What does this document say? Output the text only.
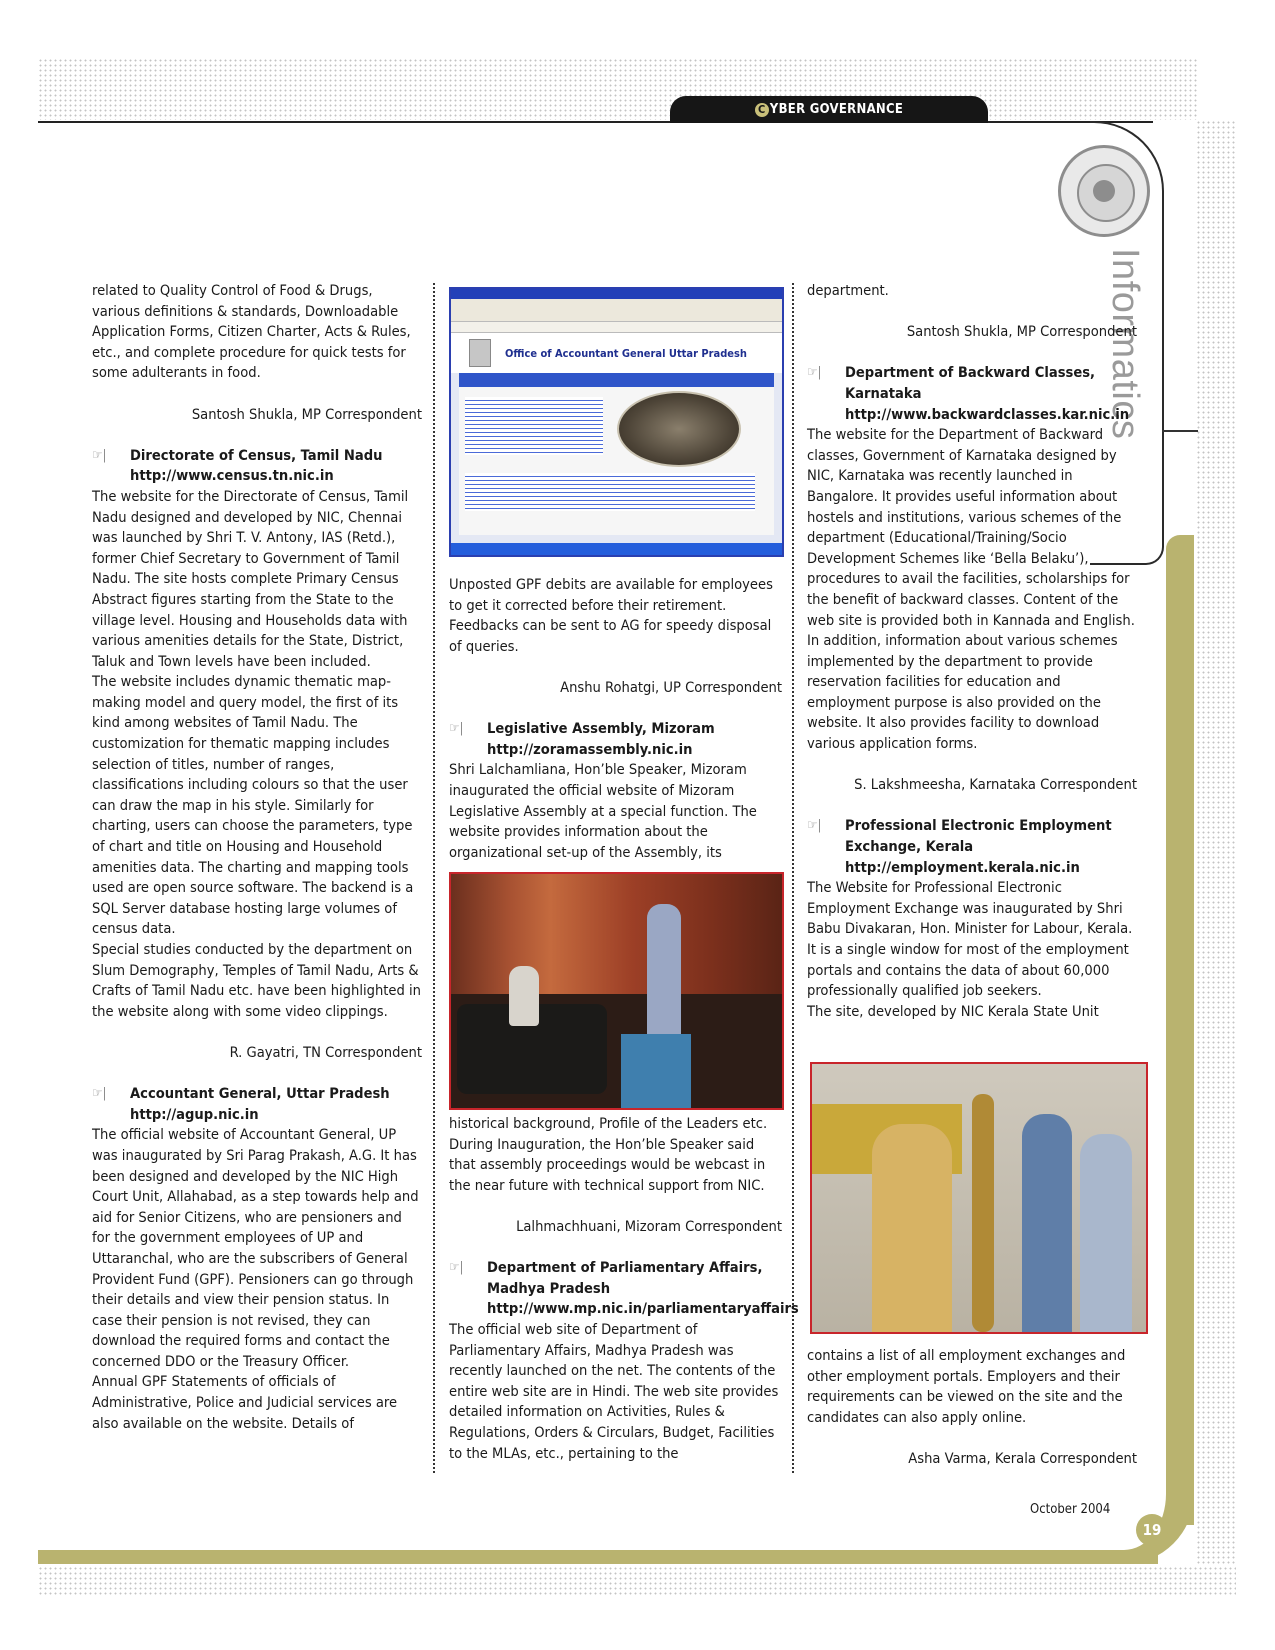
C YBER GOVERNANCE
Informatics

related to Quality Control of Food & Drugs, various definitions & standards, Downloadable Application Forms, Citizen Charter, Acts & Rules, etc., and complete procedure for quick tests for some adulterants in food.

Santosh Shukla, MP Correspondent

☞|	Directorate of Census, Tamil Nadu
http://www.census.tn.nic.in

The website for the Directorate of Census, Tamil Nadu designed and developed by NIC, Chennai was launched by Shri T. V. Antony, IAS (Retd.), former Chief Secretary to Government of Tamil Nadu. The site hosts complete Primary Census Abstract figures starting from the State to the village level. Housing and Households data with various amenities details for the State, District, Taluk and Town levels have been included.

The website includes dynamic thematic map-making model and query model, the first of its kind among websites of Tamil Nadu. The customization for thematic mapping includes selection of titles, number of ranges, classifications including colours so that the user can draw the map in his style. Similarly for charting, users can choose the parameters, type of chart and title on Housing and Household amenities data. The charting and mapping tools used are open source software. The backend is a SQL Server database hosting large volumes of census data.

Special studies conducted by the department on Slum Demography, Temples of Tamil Nadu, Arts & Crafts of Tamil Nadu etc. have been highlighted in the website along with some video clippings.

R. Gayatri, TN Correspondent

☞|	Accountant General, Uttar Pradesh
http://agup.nic.in

The official website of Accountant General, UP was inaugurated by Sri Parag Prakash, A.G. It has been designed and developed by the NIC High Court Unit, Allahabad, as a step towards help and aid for Senior Citizens, who are pensioners and for the government employees of UP and Uttaranchal, who are the subscribers of General Provident Fund (GPF). Pensioners can go through their details and view their pension status. In case their pension is not revised, they can download the required forms and contact the concerned DDO or the Treasury Officer.

Annual GPF Statements of officials of Administrative, Police and Judicial services are also available on the website. Details of

Office of Accountant General Uttar Pradesh

Unposted GPF debits are available for employees to get it corrected before their retirement. Feedbacks can be sent to AG for speedy disposal of queries.

Anshu Rohatgi, UP Correspondent

☞|	Legislative Assembly, Mizoram
http://zoramassembly.nic.in

Shri Lalchamliana, Hon’ble Speaker, Mizoram inaugurated the official website of Mizoram Legislative Assembly at a special function. The website provides information about the organizational set-up of the Assembly, its

historical background, Profile of the Leaders etc. During Inauguration, the Hon’ble Speaker said that assembly proceedings would be webcast in the near future with technical support from NIC.

Lalhmachhuani, Mizoram Correspondent

☞|	Department of Parliamentary Affairs,
Madhya Pradesh
http://www.mp.nic.in/parliamentaryaffairs

The official web site of Department of Parliamentary Affairs, Madhya Pradesh was recently launched on the net. The contents of the entire web site are in Hindi. The web site provides detailed information on Activities, Rules & Regulations, Orders & Circulars, Budget, Facilities to the MLAs, etc., pertaining to the

department.

Santosh Shukla, MP Correspondent

☞|	Department of Backward Classes,
Karnataka
http://www.backwardclasses.kar.nic.in

The website for the Department of Backward classes, Government of Karnataka designed by NIC, Karnataka was recently launched in Bangalore. It provides useful information about hostels and institutions, various schemes of the department (Educational/Training/Socio Development Schemes like ‘Bella Belaku’), procedures to avail the facilities, scholarships for the benefit of backward classes. Content of the web site is provided both in Kannada and English. In addition, information about various schemes implemented by the department to provide reservation facilities for education and employment purpose is also provided on the website. It also provides facility to download various application forms.

S. Lakshmeesha, Karnataka Correspondent

☞|	Professional Electronic Employment
Exchange, Kerala
http://employment.kerala.nic.in

The Website for Professional Electronic Employment Exchange was inaugurated by Shri Babu Divakaran, Hon. Minister for Labour, Kerala. It is a single window for most of the employment portals and contains the data of about 60,000 professionally qualified job seekers.

The site, developed by NIC Kerala State Unit

contains a list of all employment exchanges and other employment portals. Employers and their requirements can be viewed on the site and the candidates can also apply online.

Asha Varma, Kerala Correspondent

October 2004
19
